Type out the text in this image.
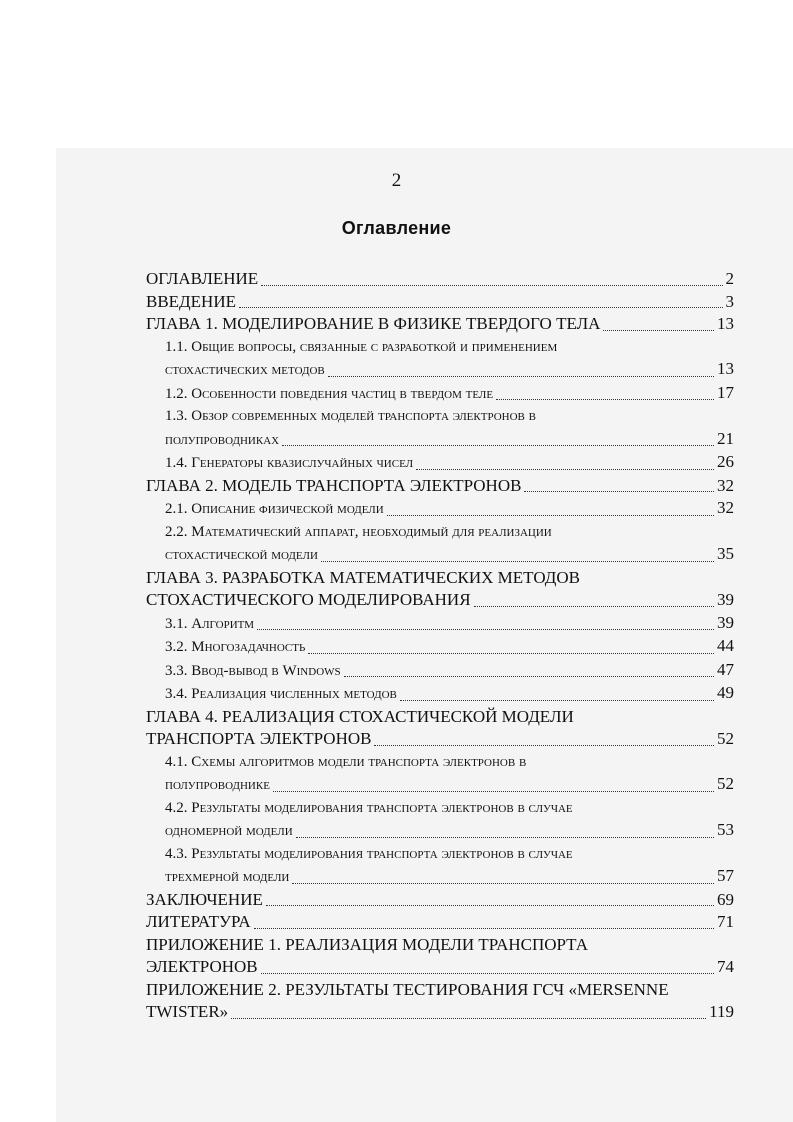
2
Оглавление
ОГЛАВЛЕНИЕ	2
ВВЕДЕНИЕ	3
ГЛАВА 1. МОДЕЛИРОВАНИЕ В ФИЗИКЕ ТВЕРДОГО ТЕЛА	13
1.1. Общие вопросы, связанные с разработкой и применением
стохастических методов	13
1.2. Особенности поведения частиц в твердом теле	17
1.3. Обзор современных моделей транспорта электронов в
полупроводниках	21
1.4. Генераторы квазислучайных чисел	26
ГЛАВА 2. МОДЕЛЬ ТРАНСПОРТА ЭЛЕКТРОНОВ	32
2.1. Описание физической модели	32
2.2. Математический аппарат, необходимый для реализации
стохастической модели	35
ГЛАВА 3. РАЗРАБОТКА МАТЕМАТИЧЕСКИХ МЕТОДОВ
СТОХАСТИЧЕСКОГО МОДЕЛИРОВАНИЯ	39
3.1. Алгоритм	39
3.2. Многозадачность	44
3.3. Ввод-вывод в Windows	47
3.4. Реализация численных методов	49
ГЛАВА 4. РЕАЛИЗАЦИЯ СТОХАСТИЧЕСКОЙ МОДЕЛИ
ТРАНСПОРТА ЭЛЕКТРОНОВ	52
4.1. Схемы алгоритмов модели транспорта электронов в
полупроводнике	52
4.2. Результаты моделирования транспорта электронов в случае
одномерной модели	53
4.3. Результаты моделирования транспорта электронов в случае
трехмерной модели	57
ЗАКЛЮЧЕНИЕ	69
ЛИТЕРАТУРА	71
ПРИЛОЖЕНИЕ 1. РЕАЛИЗАЦИЯ МОДЕЛИ ТРАНСПОРТА
ЭЛЕКТРОНОВ	74
ПРИЛОЖЕНИЕ 2. РЕЗУЛЬТАТЫ ТЕСТИРОВАНИЯ ГСЧ «MERSENNE
TWISTER»	119
